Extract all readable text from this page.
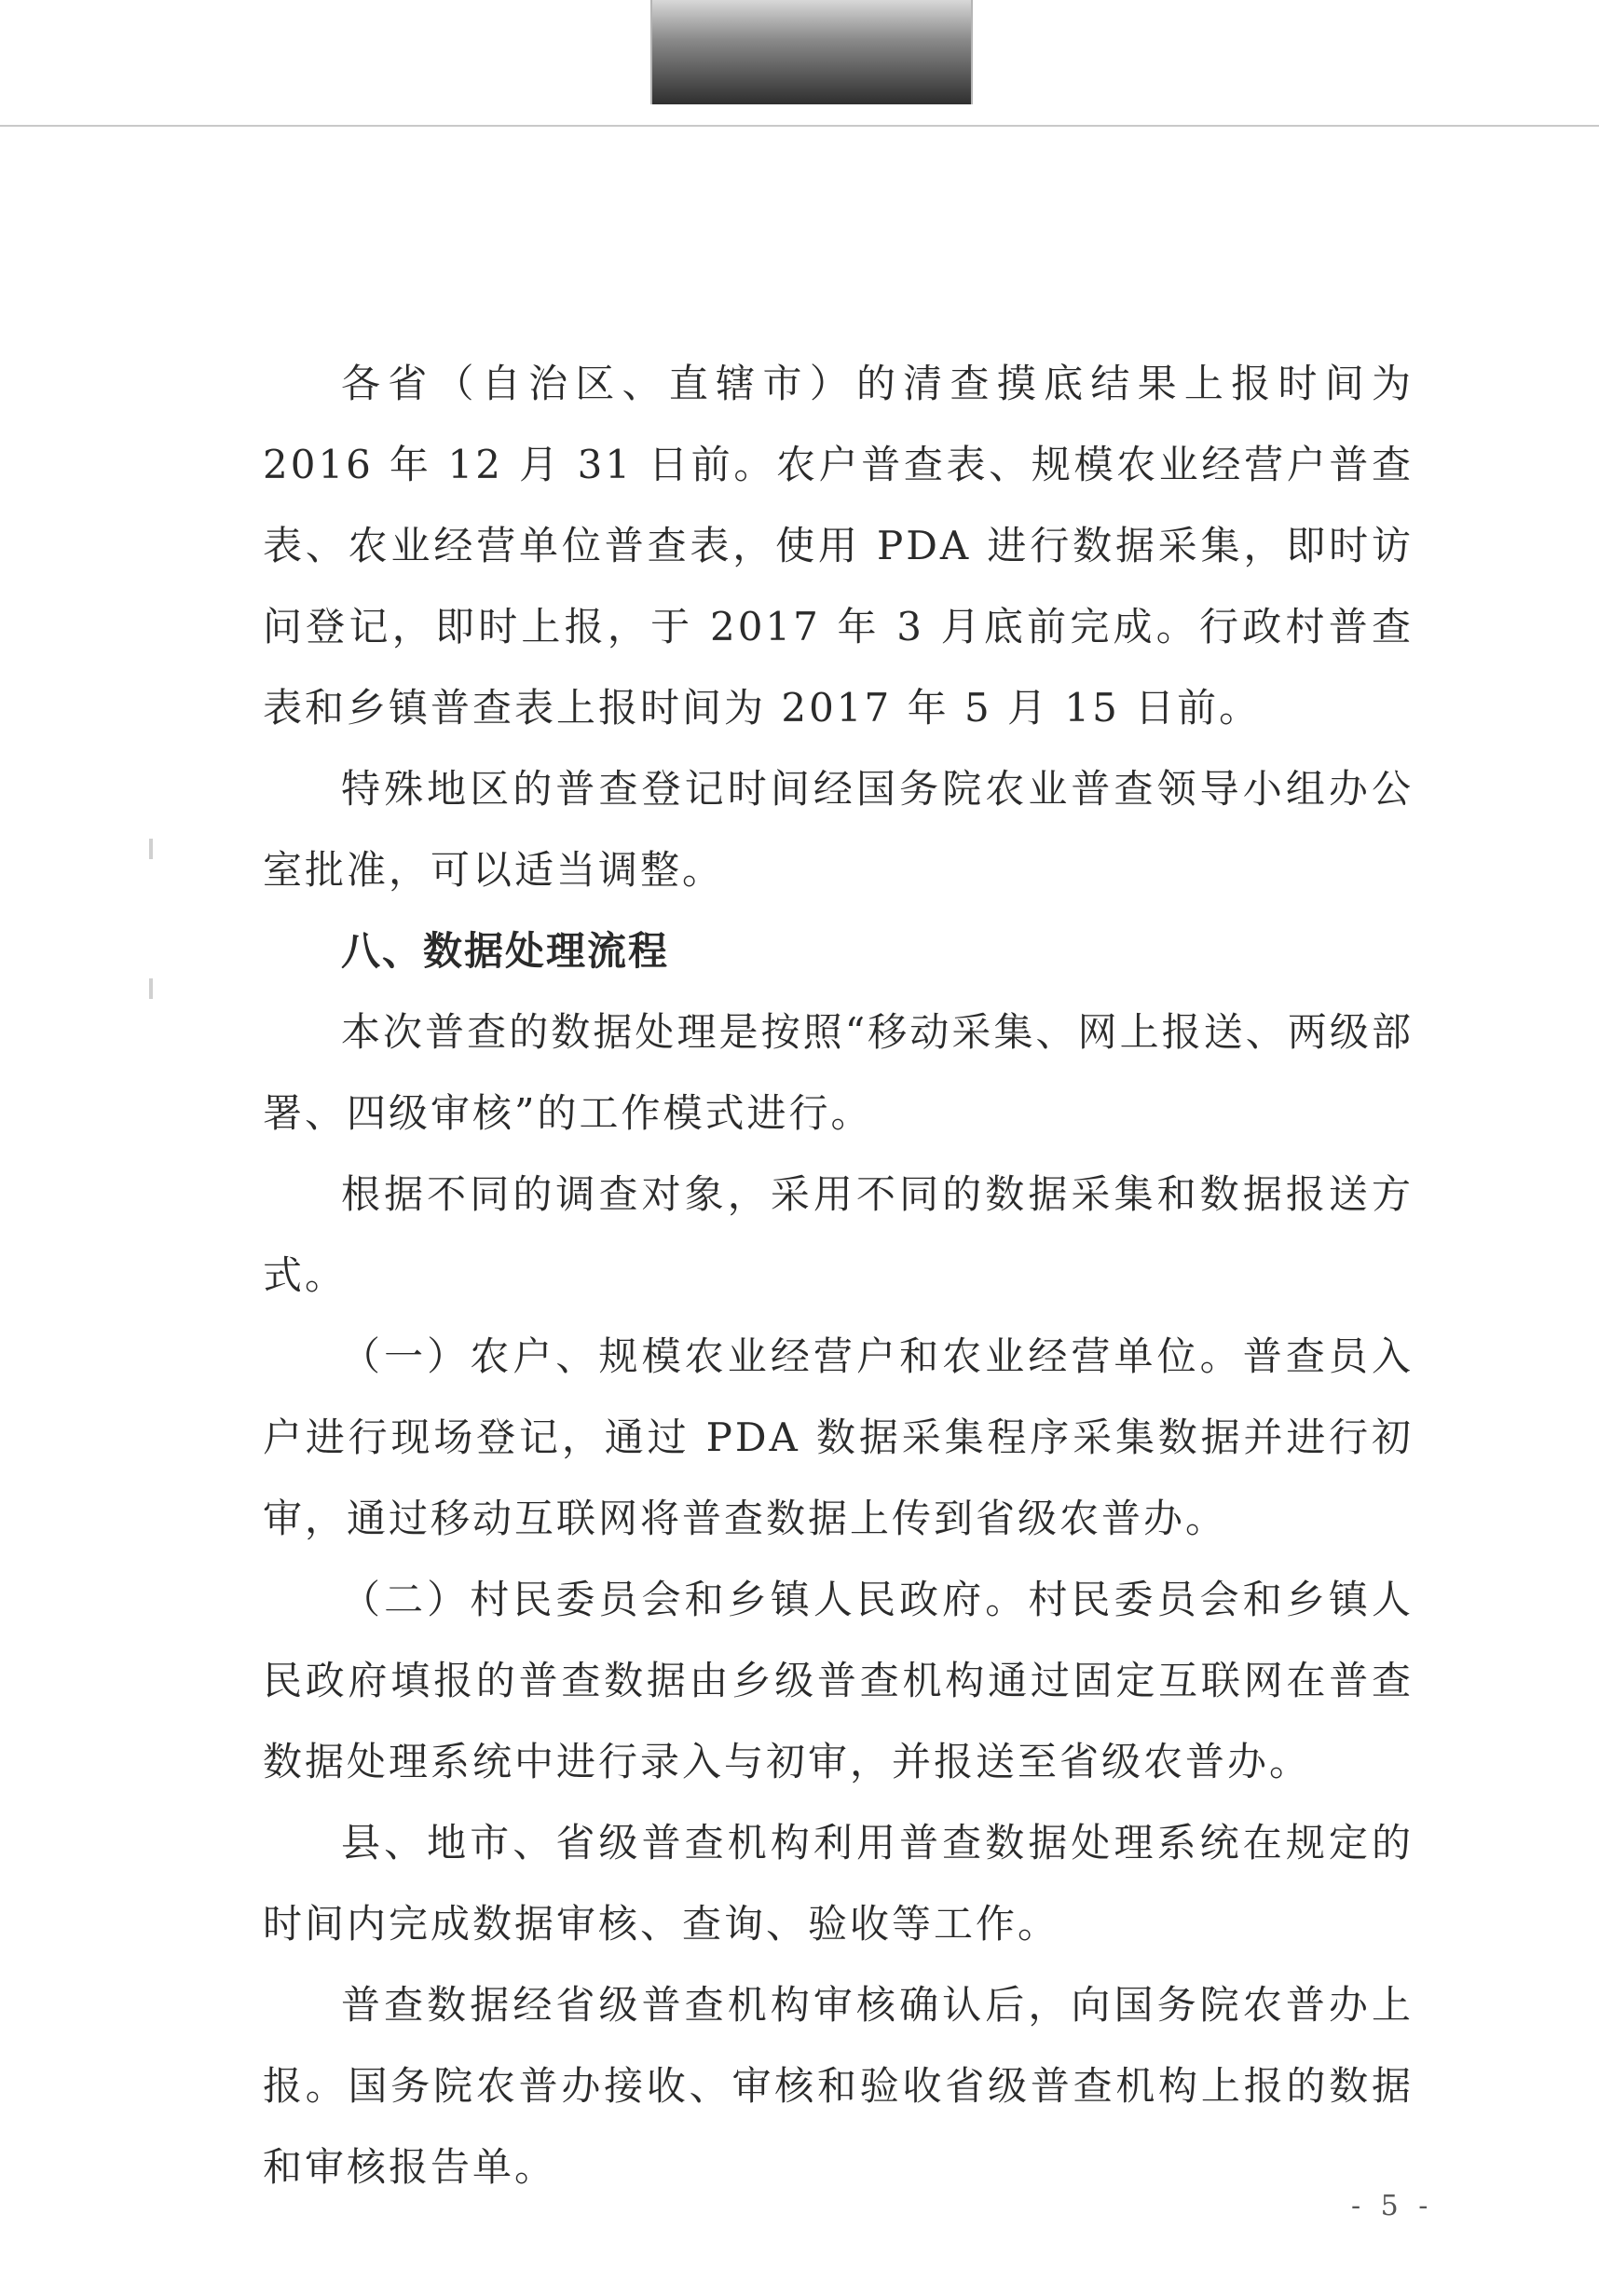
各省（自治区、直辖市）的清查摸底结果上报时间为 2016 年 12 月 31 日前。农户普查表、规模农业经营户普查表、农业经营单位普查表，使用 PDA 进行数据采集，即时访问登记，即时上报，于 2017 年 3 月底前完成。行政村普查表和乡镇普查表上报时间为 2017 年 5 月 15 日前。

特殊地区的普查登记时间经国务院农业普查领导小组办公室批准，可以适当调整。

八、数据处理流程

本次普查的数据处理是按照“移动采集、网上报送、两级部署、四级审核”的工作模式进行。

根据不同的调查对象，采用不同的数据采集和数据报送方式。

（一）农户、规模农业经营户和农业经营单位。普查员入户进行现场登记，通过 PDA 数据采集程序采集数据并进行初审，通过移动互联网将普查数据上传到省级农普办。

（二）村民委员会和乡镇人民政府。村民委员会和乡镇人民政府填报的普查数据由乡级普查机构通过固定互联网在普查数据处理系统中进行录入与初审，并报送至省级农普办。

县、地市、省级普查机构利用普查数据处理系统在规定的时间内完成数据审核、查询、验收等工作。

普查数据经省级普查机构审核确认后，向国务院农普办上报。国务院农普办接收、审核和验收省级普查机构上报的数据和审核报告单。

- 5 -
